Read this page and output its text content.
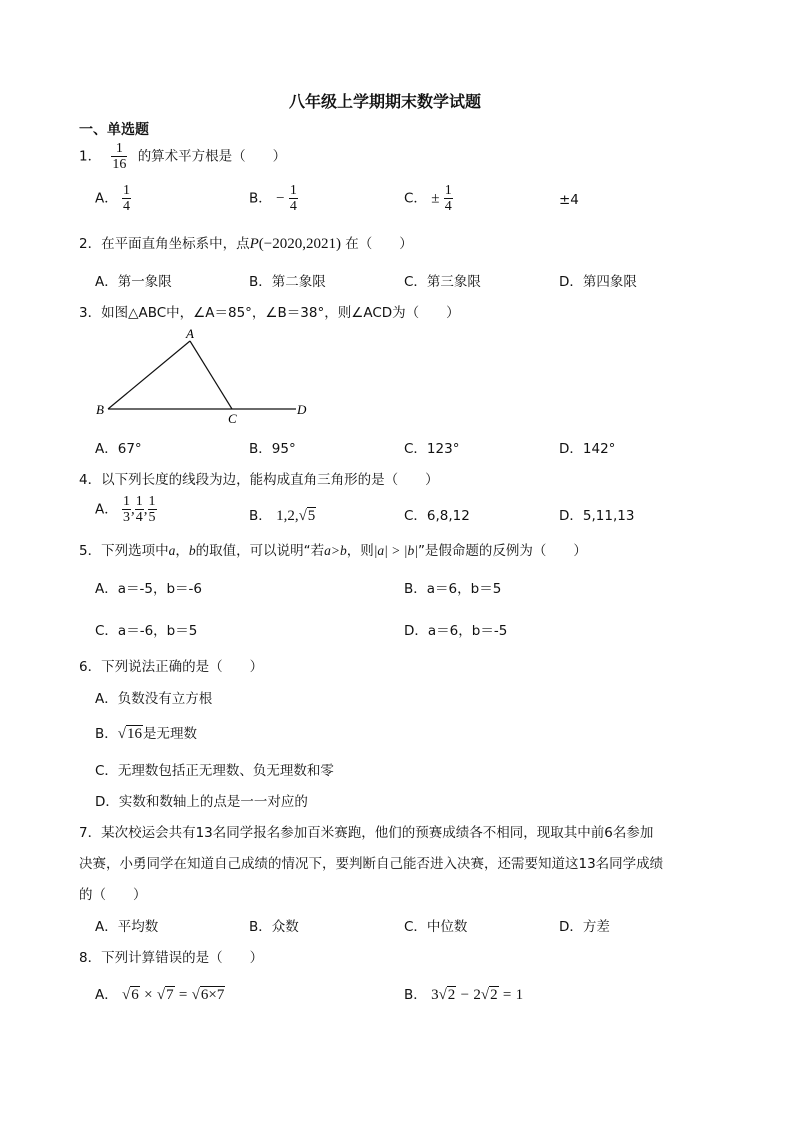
八年级上学期期末数学试题
一、单选题
1． $\frac{1}{16}$ 的算术平方根是（　　）
A． $\frac{1}{4}$	B． − $\frac{1}{4}$	C． ± $\frac{1}{4}$	±4
2．在平面直角坐标系中，点P(−2020,2021) 在（　　）
A．第一象限	B．第二象限	C．第三象限	D．第四象限
3．如图△ABC中，∠A＝85°，∠B＝38°，则∠ACD为（　　）
A
B
C
D
A．67°	B．95°	C．123°	D．142°
4．以下列长度的线段为边，能构成直角三角形的是（　　）
A． $\frac{1}{3}$ , $\frac{1}{4}$ , $\frac{1}{5}$	B． 1,2,√5	C．6,8,12	D．5,11,13
5．下列选项中a，b的取值，可以说明“若a>b，则|a| > |b|”是假命题的反例为（　　）
A．a＝-5，b＝-6	B．a＝6，b＝5
C．a＝-6，b＝5	D．a＝6，b＝-5
6．下列说法正确的是（　　）
A．负数没有立方根
B．√16是无理数
C．无理数包括正无理数、负无理数和零
D．实数和数轴上的点是一一对应的
7．某次校运会共有13名同学报名参加百米赛跑，他们的预赛成绩各不相同，现取其中前6名参加
决赛，小勇同学在知道自己成绩的情况下，要判断自己能否进入决赛，还需要知道这13名同学成绩
的（　　）
A．平均数	B．众数	C．中位数	D．方差
8．下列计算错误的是（　　）
A． √6 × √7 = √6×7	B． 3√2 − 2√2 = 1
